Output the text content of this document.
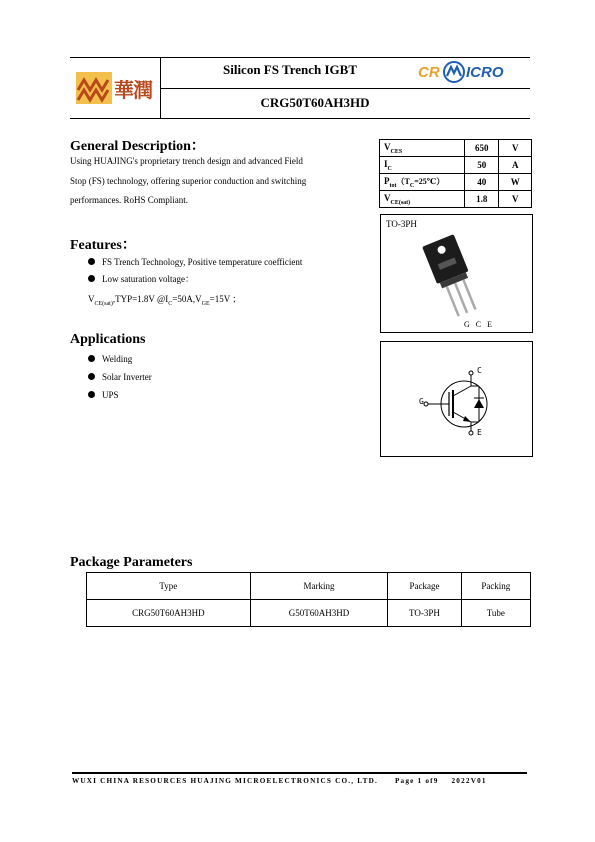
華潤
Silicon FS Trench IGBT
CRG50T60AH3HD
CR ICRO
General Description：
Using HUAJING's proprietary trench design and advanced Field
Stop (FS) technology, offering superior conduction and switching
performances. RoHS Compliant.
$V_{CES}$	650	V
$I_C$	50	A
$P_{tot}(T_C=25℃)$	40	W
$V_{CE(sat)}$	1.8	V
TO-3PH
G   C   E
C
G
E
Features：
FS Trench Technology, Positive temperature coefficient
Low saturation voltage：
$V_{CE(sat)},TYP=1.8V$ $@I_C=50A,V_{GE}=15V$ ；
Applications
Welding
Solar Inverter
UPS
Package Parameters
Type	Marking	Package	Packing
CRG50T60AH3HD	G50T60AH3HD	TO-3PH	Tube
WUXI CHINA RESOURCES HUAJING MICROELECTRONICS CO., LTD. Page 1 of9 2022V01
